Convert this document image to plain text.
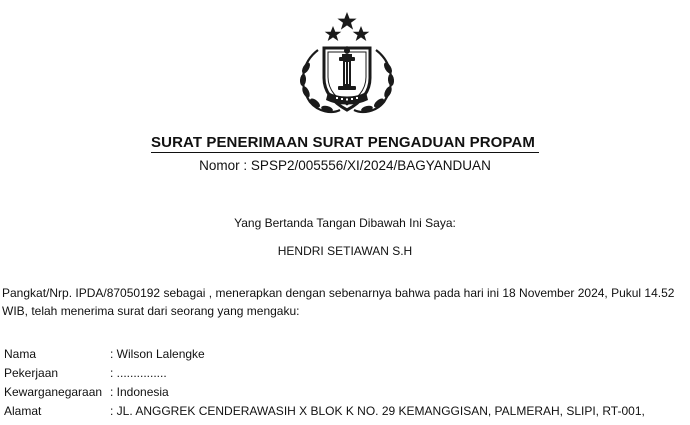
SURAT PENERIMAAN SURAT PENGADUAN PROPAM
Nomor : SPSP2/005556/XI/2024/BAGYANDUAN
Yang Bertanda Tangan Dibawah Ini Saya:
HENDRI SETIAWAN S.H
Pangkat/Nrp. IPDA/87050192 sebagai , menerapkan dengan sebenarnya bahwa pada hari ini 18 November 2024, Pukul 14.52 WIB, telah menerima surat dari seorang yang mengaku:
Nama	: Wilson Lalengke
Pekerjaan	: ...............
Kewarganegaraan : Indonesia
Alamat	: JL. ANGGREK CENDERAWASIH X BLOK K NO. 29 KEMANGGISAN, PALMERAH, SLIPI, RT-001,
